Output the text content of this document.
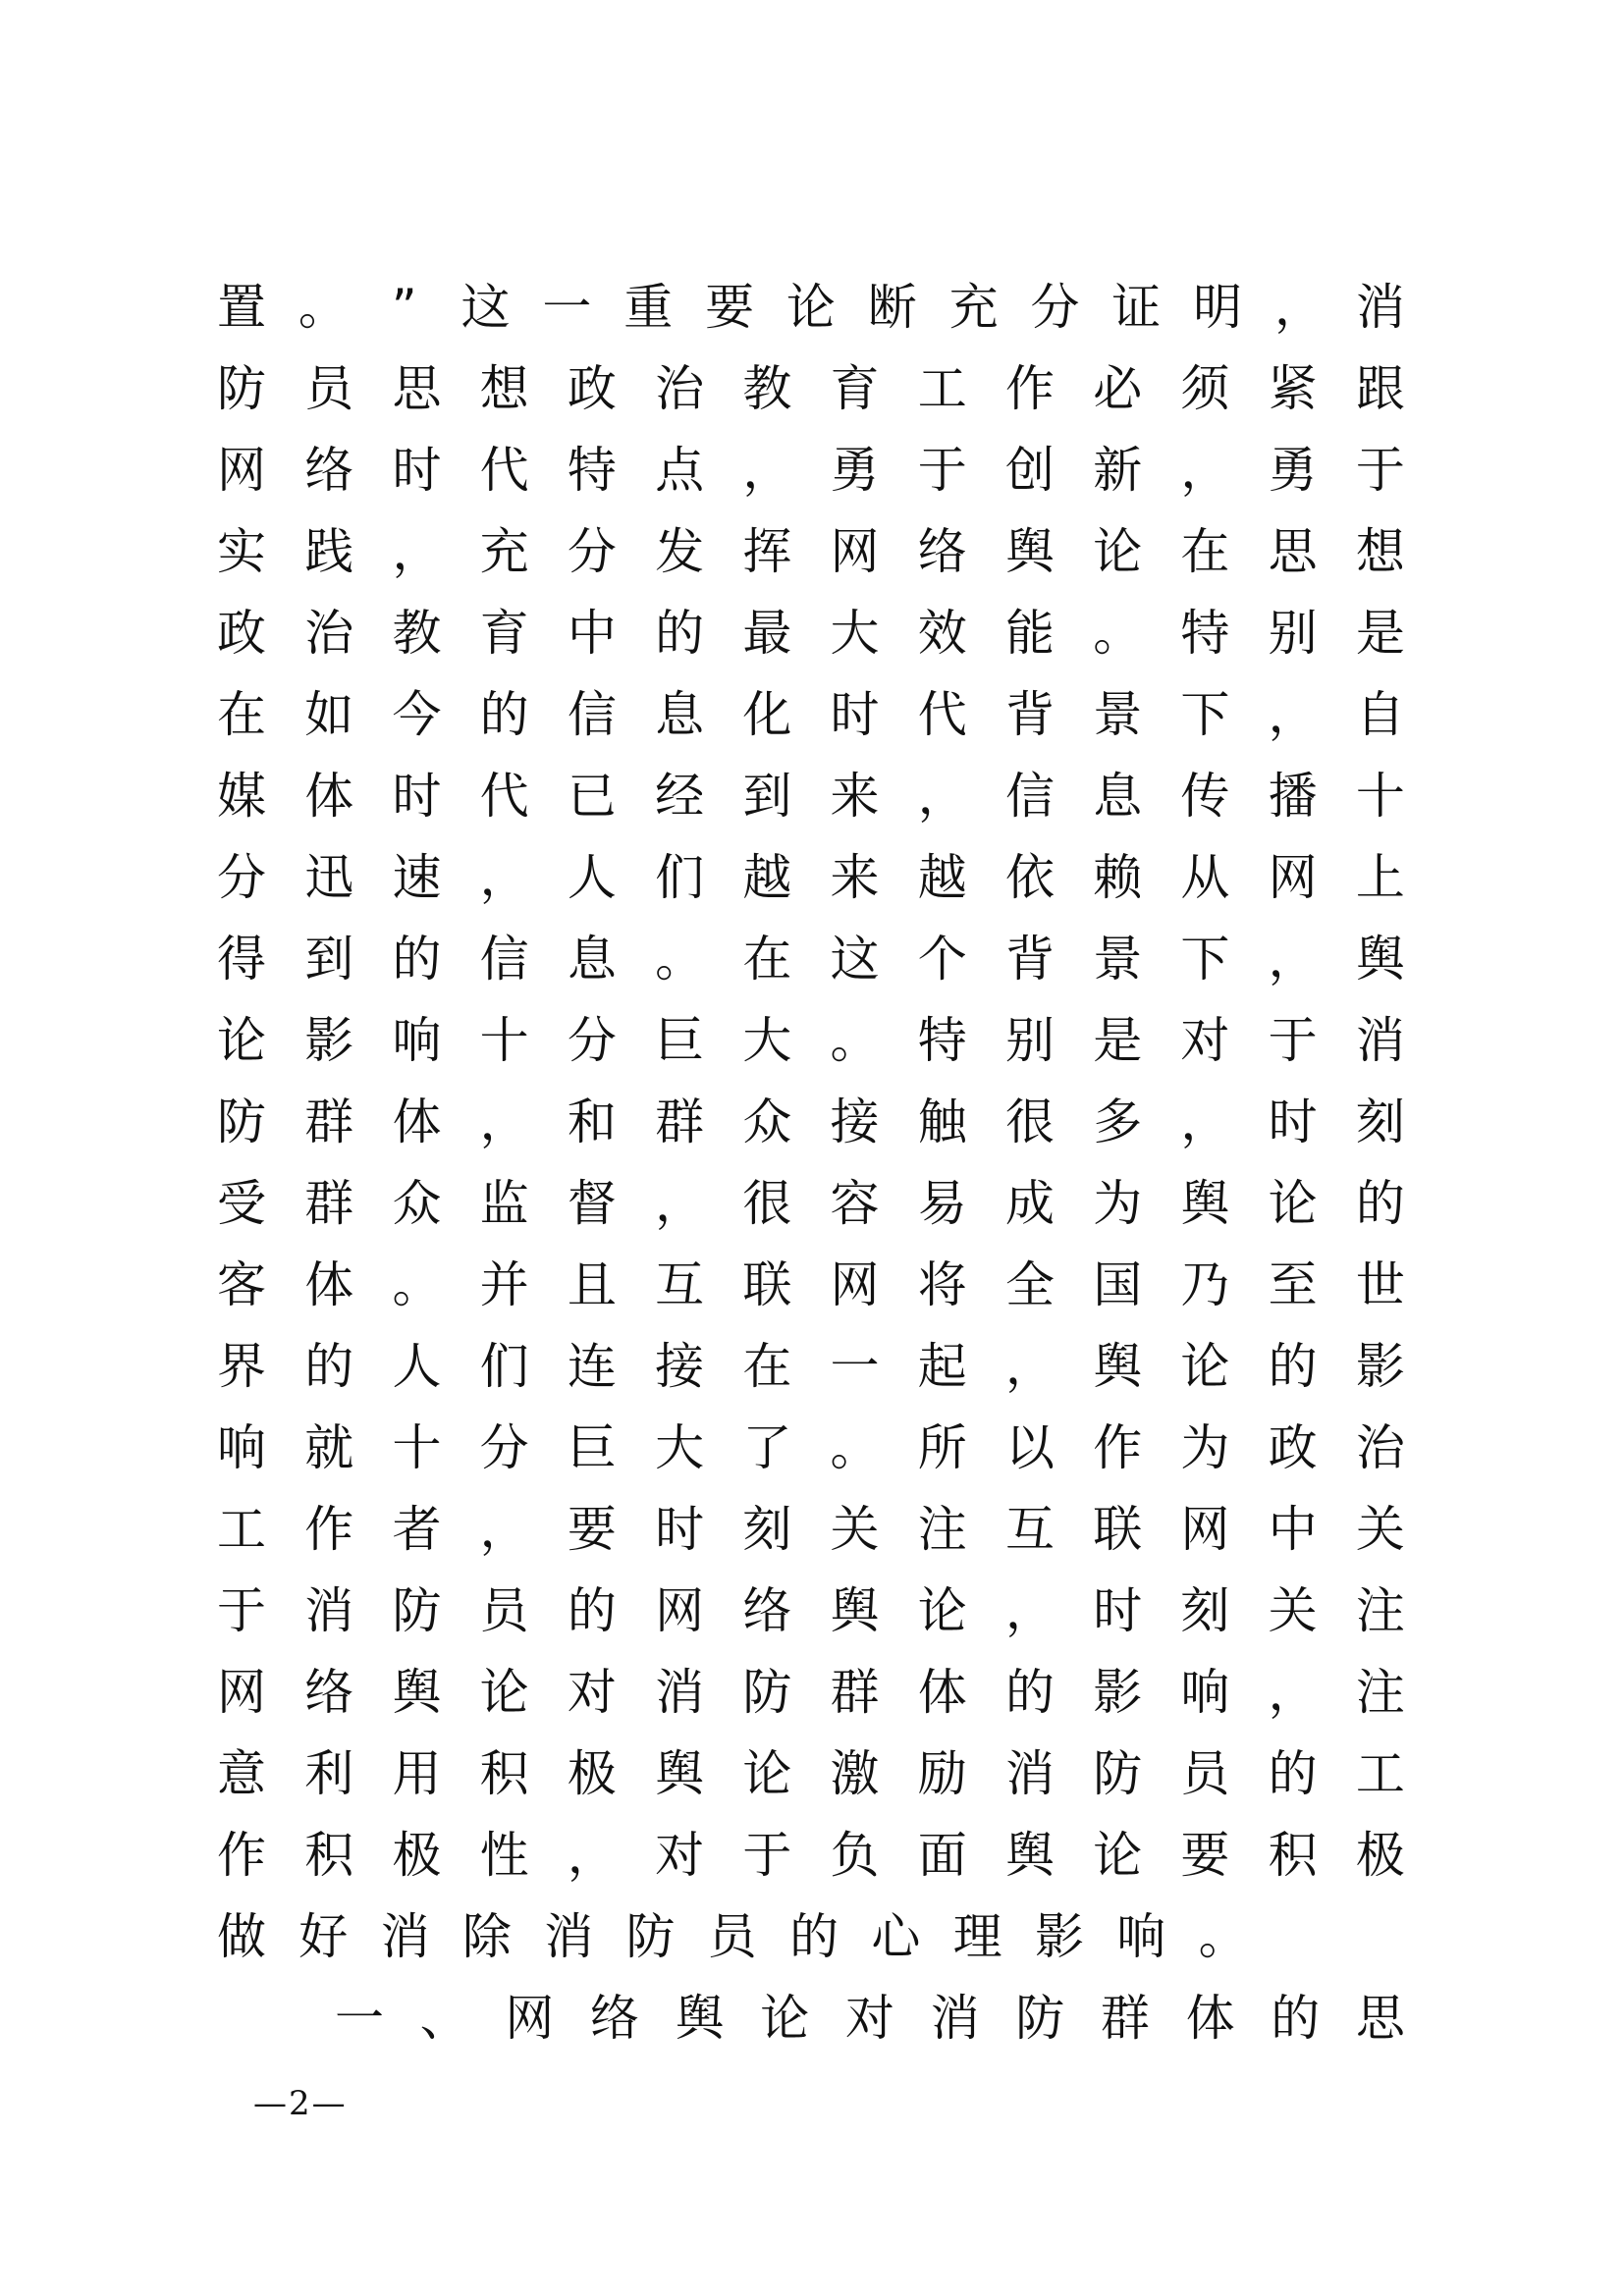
置 。 ” 这 一 重 要 论 断 充 分 证 明 ， 消
防 员 思 想 政 治 教 育 工 作 必 须 紧 跟
网 络 时 代 特 点 ， 勇 于 创 新 ， 勇 于
实 践 ， 充 分 发 挥 网 络 舆 论 在 思 想
政 治 教 育 中 的 最 大 效 能 。 特 别 是
在 如 今 的 信 息 化 时 代 背 景 下 ， 自
媒 体 时 代 已 经 到 来 ， 信 息 传 播 十
分 迅 速 ， 人 们 越 来 越 依 赖 从 网 上
得 到 的 信 息 。 在 这 个 背 景 下 ， 舆
论 影 响 十 分 巨 大 。 特 别 是 对 于 消
防 群 体 ， 和 群 众 接 触 很 多 ， 时 刻
受 群 众 监 督 ， 很 容 易 成 为 舆 论 的
客 体 。 并 且 互 联 网 将 全 国 乃 至 世
界 的 人 们 连 接 在 一 起 ， 舆 论 的 影
响 就 十 分 巨 大 了 。 所 以 作 为 政 治
工 作 者 ， 要 时 刻 关 注 互 联 网 中 关
于 消 防 员 的 网 络 舆 论 ， 时 刻 关 注
网 络 舆 论 对 消 防 群 体 的 影 响 ， 注
意 利 用 积 极 舆 论 激 励 消 防 员 的 工
作 积 极 性 ， 对 于 负 面 舆 论 要 积 极
做 好 消 除 消 防 员 的 心 理 影 响 。
一 、 网 络 舆 论 对 消 防 群 体 的 思
—2—
